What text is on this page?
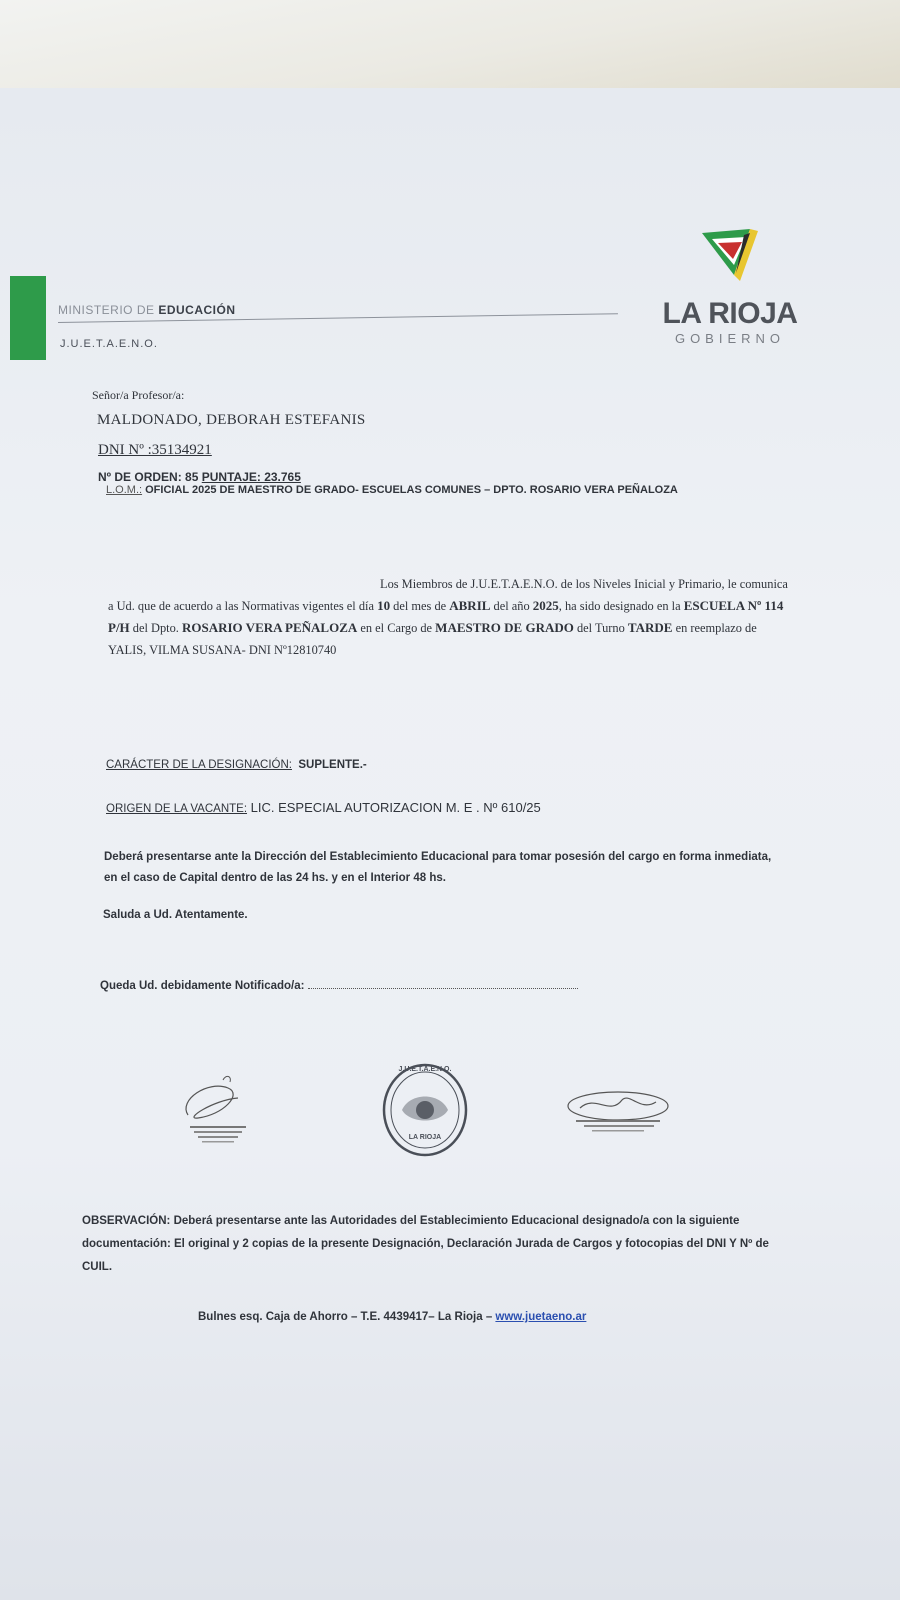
MINISTERIO DE EDUCACIÓN
J.U.E.T.A.E.N.O.
LA RIOJA
GOBIERNO
Señor/a Profesor/a:
MALDONADO, DEBORAH ESTEFANIS
DNI Nº :35134921
Nº DE ORDEN: 85 PUNTAJE: 23.765
L.O.M.: OFICIAL 2025 DE MAESTRO DE GRADO- ESCUELAS COMUNES – DPTO. ROSARIO VERA PEÑALOZA
Los Miembros de J.U.E.T.A.E.N.O. de los Niveles Inicial y Primario, le comunica a Ud. que de acuerdo a las Normativas vigentes el día 10 del mes de ABRIL del año 2025, ha sido designado en la ESCUELA Nº 114 P/H del Dpto. ROSARIO VERA PEÑALOZA en el Cargo de MAESTRO DE GRADO del Turno TARDE en reemplazo de YALIS, VILMA SUSANA- DNI Nº12810740
CARÁCTER DE LA DESIGNACIÓN: SUPLENTE.-
ORIGEN DE LA VACANTE: LIC. ESPECIAL AUTORIZACION M. E . Nº 610/25
Deberá presentarse ante la Dirección del Establecimiento Educacional para tomar posesión del cargo en forma inmediata, en el caso de Capital dentro de las 24 hs. y en el Interior 48 hs.
Saluda a Ud. Atentamente.
Queda Ud. debidamente Notificado/a:
J.U.E.T.A.E.N.O.
LA RIOJA
OBSERVACIÓN: Deberá presentarse ante las Autoridades del Establecimiento Educacional designado/a con la siguiente documentación: El original y 2 copias de la presente Designación, Declaración Jurada de Cargos y fotocopias del DNI Y Nº de CUIL.
Bulnes esq. Caja de Ahorro – T.E. 4439417– La Rioja – www.juetaeno.ar
